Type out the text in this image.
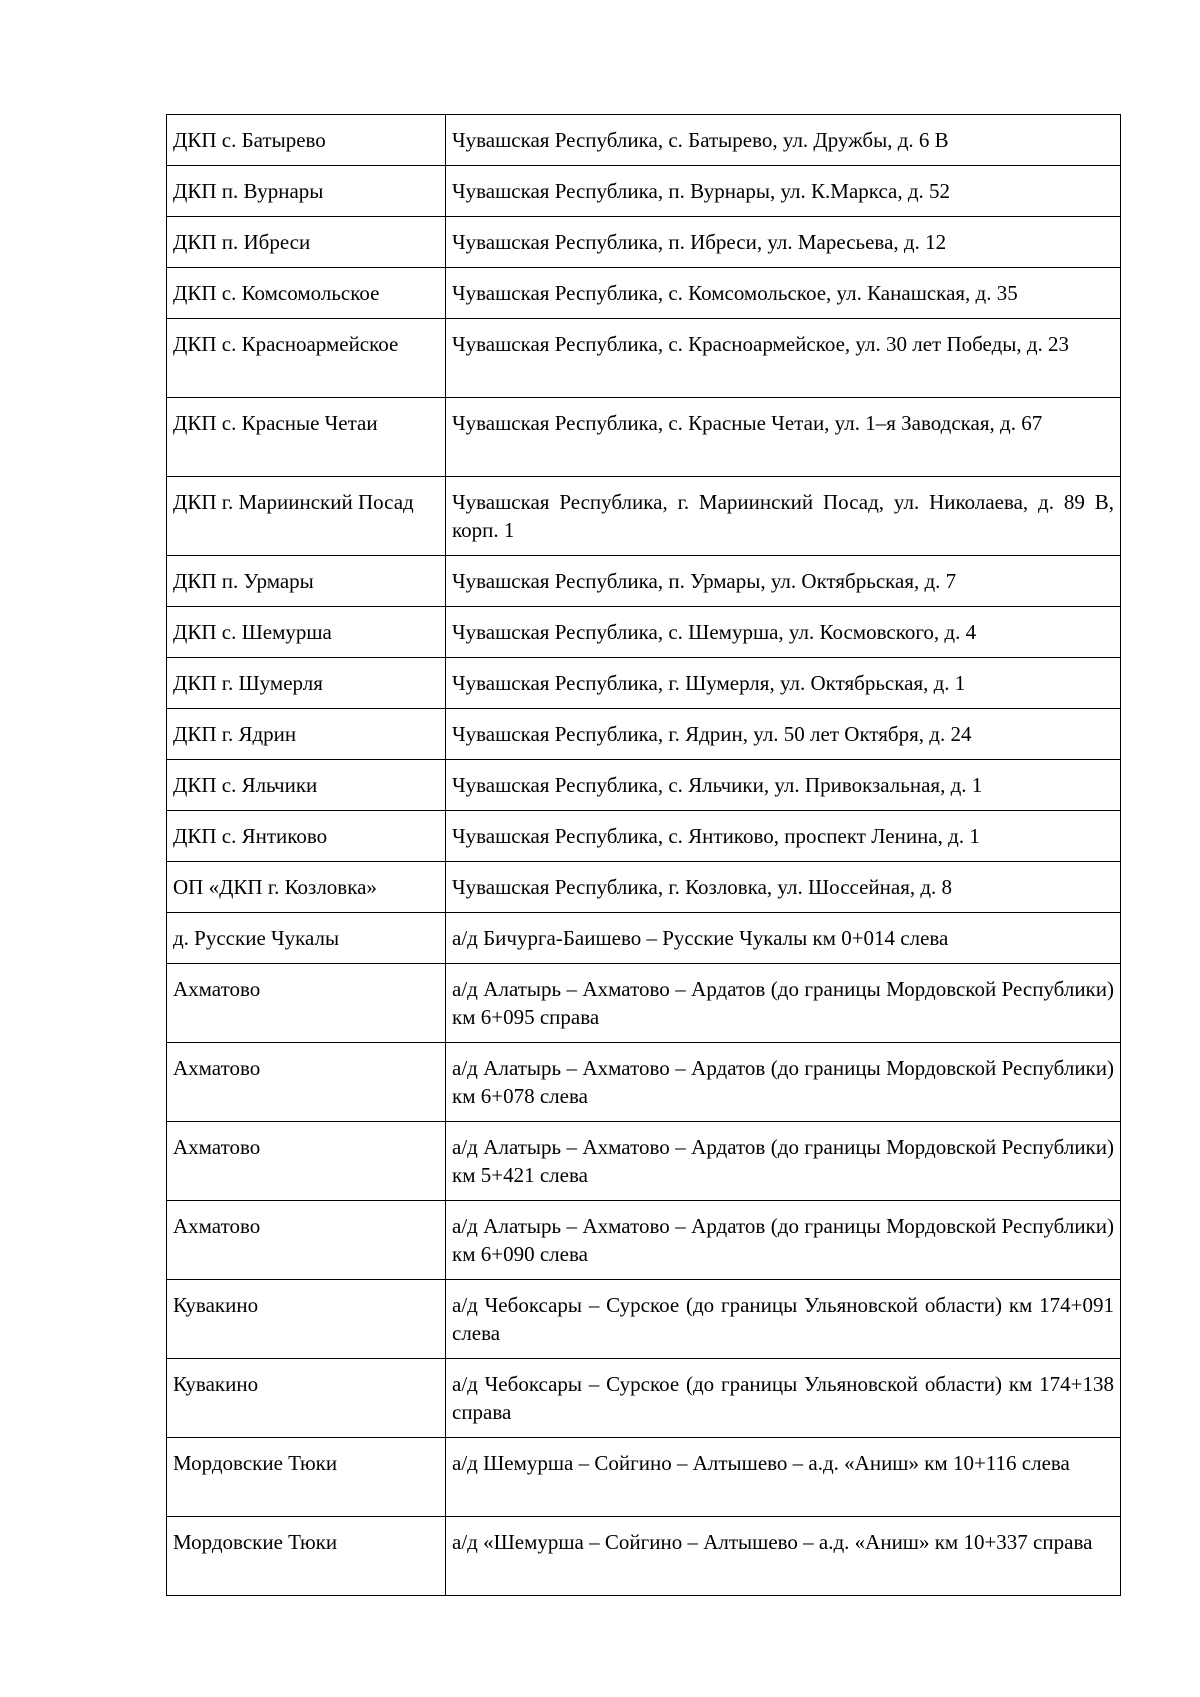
ДКП с. Батырево	Чувашская Республика, с. Батырево, ул. Дружбы, д. 6 В
ДКП п. Вурнары	Чувашская Республика, п. Вурнары, ул. К.Маркса, д. 52
ДКП п. Ибреси	Чувашская Республика, п. Ибреси, ул. Маресьева, д. 12
ДКП с. Комсомольское	Чувашская Республика, с. Комсомольское, ул. Канашская, д. 35
ДКП с. Красноармейское	Чувашская Республика, с. Красноармейское, ул. 30 лет Победы, д. 23
ДКП с. Красные Четаи	Чувашская Республика, с. Красные Четаи, ул. 1–я Заводская, д. 67
ДКП г. Мариинский Посад	Чувашская Республика, г. Мариинский Посад, ул. Николаева, д. 89 В, корп. 1
ДКП п. Урмары	Чувашская Республика, п. Урмары, ул. Октябрьская, д. 7
ДКП с. Шемурша	Чувашская Республика, с. Шемурша, ул. Космовского, д. 4
ДКП г. Шумерля	Чувашская Республика, г. Шумерля, ул. Октябрьская, д. 1
ДКП г. Ядрин	Чувашская Республика, г. Ядрин, ул. 50 лет Октября, д. 24
ДКП с. Яльчики	Чувашская Республика, с. Яльчики, ул. Привокзальная, д. 1
ДКП с. Янтиково	Чувашская Республика, с. Янтиково, проспект Ленина, д. 1
ОП «ДКП г. Козловка»	Чувашская Республика, г. Козловка, ул. Шоссейная, д. 8
д. Русские Чукалы	а/д Бичурга-Баишево – Русские Чукалы км 0+014 слева
Ахматово	а/д Алатырь – Ахматово – Ардатов (до границы Мордовской Республики) км 6+095 справа
Ахматово	а/д Алатырь – Ахматово – Ардатов (до границы Мордовской Республики) км 6+078 слева
Ахматово	а/д Алатырь – Ахматово – Ардатов (до границы Мордовской Республики) км 5+421 слева
Ахматово	а/д Алатырь – Ахматово – Ардатов (до границы Мордовской Республики) км 6+090 слева
Кувакино	а/д Чебоксары – Сурское (до границы Ульяновской области) км 174+091 слева
Кувакино	а/д Чебоксары – Сурское (до границы Ульяновской области) км 174+138 справа
Мордовские Тюки	а/д Шемурша – Сойгино – Алтышево – а.д. «Аниш» км 10+116 слева
Мордовские Тюки	а/д «Шемурша – Сойгино – Алтышево – а.д. «Аниш» км 10+337 справа
